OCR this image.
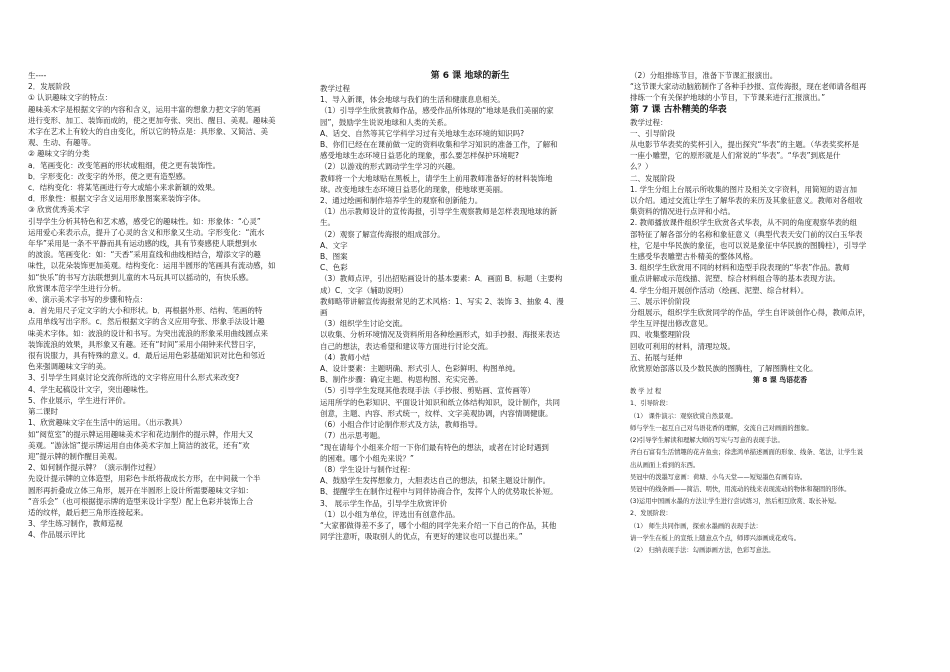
生----

2．发展阶段

① 认识趣味文字的特点：

趣味美术字是根据文字的内容和含义，运用丰富的想象力把文字的笔画

进行变形、加工、装饰而成的，使之更加夸张、突出、醒目、美观。趣味美

术字在艺术上有较大的自由变化，所以它的特点是：具形象、又简洁、美

观、生动、有趣等。

② 趣味文字的分类

a．笔画变化：改变笔画的形状或粗细，使之更有装饰性。

b．字形变化：改变字的外形，使之更有造型感。

c．结构变化：将某笔画进行夸大或缩小来求新颖的效果。

d．形象性：根据文字含义运用形象图案来装饰字体。

③ 欣赏优秀美术字

引导学生分析其特色和艺术感，感受它的趣味性。如：形象体：“心灵”

运用爱心来表示点，提升了心灵的含义和形象又生动。字形变化：“流水

年华”采用是一条不平静而具有运动感的线，具有节奏感使人联想到水

的波浪。笔画变化：如：“天香”采用直线和曲线相结合，增添文字的趣

味性，以花朵装饰更加美观。结构变化：运用半圆形的笔画具有流动感，如

如“快乐”的书写方法联想到儿童的木马玩具可以摇动的，有快乐感。

欣赏课本范字学生进行分析。

④、演示美术字书写的步骤和特点：

a．首先用尺子定文字的大小和形状。b．再根据外形、结构、笔画的特

点用单线写出字形。c．然后根据文字的含义应用夸张、形象手法设计趣

味美术字体。如：波浪的设计和书写。为突出流浪的形象采用曲线圆点来

装饰流浪的效果，具形象又有趣。还有“时间”采用小闹钟来代替日字，

很有说服力，具有特殊的意义。d．最后运用色彩基础知识对比色和邻近

色来强调趣味文字的美。

3、引导学生同桌讨论交流你所选的文字将应用什么形式来改变?

4、学生起稿设计文字，突出趣味性。

5、作业展示，学生进行评价。

第二课时

1、欣赏趣味文字在生活中的运用。（出示教具）

如“阅览室”的提示牌运用趣味美术字和花边制作的提示牌，作用大又

美观。“游泳馆”提示牌运用自由体美术字加上简洁的波花，还有“欢

迎”提示牌的制作醒目美观。

2、如何制作提示牌？（演示制作过程）

先设计提示牌的立体造型，用彩色卡纸将裁成长方形，在中间裁一个半

圆形再折叠成立体三角形，展开在半圆形上设计所需要趣味文字如：

“音乐会”（也可根据提示牌的造型来设计字型）配上色彩并装饰上合

适的纹样，最后把三角形连接起来。

3、学生练习制作，教师巡视

4、作品展示评比

第 6 课 地球的新生

教学过程

1、导入新课，体会地球与我们的生活和健康息息相关。

（1）引导学生欣赏教师作品，感受作品所体现的“地球是我们美丽的家

园”，鼓励学生说说地球和人类的关系。

A、话交、自然等其它学科学习过有关地球生态环境的知识吗?

B、你们已经在在课前做一定的资料收集和学习知识的准备工作，了解和

感受地球生态环境日益恶化的现象，那么要怎样保护环境呢?

（2）以游戏的形式调动学生学习的兴趣。

教师将一个大地球贴在黑板上，请学生上前用教师准备好的材料装饰地

球。改变地球生态环境日益恶化的现象，使地球更美丽。

2、通过绘画和制作培养学生的观察和创新能力。

（1）出示教师设计的宣传海报，引导学生观察教师是怎样表现地球的新

生。

（2）观察了解宣传海报的组成部分。

A、文字

B、图案

C、色彩

（3）教师点评，引出招贴画设计的基本要素：A．画面 B．标题（主要构

成）C．文字（辅助说明）

教师略带讲解宣传海报常见的艺术风格：1、写实 2、装饰 3、抽象 4、漫

画

（3）组织学生讨论交流。

以收集、分析环境情况及资料所用各种绘画形式，如手抄报、海报来表达

自己的想法，表达希望和建议等方面进行讨论交流。

（4）教师小结

A、设计要素：主题明确、形式引人、色彩鲜明、构图单纯。

B、制作步骤：确定主题、构思构图、充实完善。

（5）引导学生发现其他表现手法（手抄报、剪贴画、宣传画等）

运用所学的色彩知识、平面设计知识和纸立体结构知识，设计制作，共同

创意，主题、内容、形式统一，纹样、文字美观协调，内容情调健康。

（6）小组合作讨论制作形式及方法，教师指导。

（7）出示思考题。

“现在请每个小组来介绍一下你们最有特色的想法，或者在讨论时遇到

的困难。哪个小组先来说？”

（8）学生设计与制作过程：

A、鼓励学生发挥想象力，大胆表达自己的想法，扣紧主题设计制作。

B、提醒学生在制作过程中与同伴协商合作，发挥个人的优势取长补短。

3、 展示学生作品，引导学生欣赏评价

（1）以小组为单位，评选出有创意作品。

“大家都做得差不多了，哪个小组的同学先来介绍一下自己的作品，其他

同学注意听，吸取别人的优点，有更好的建议也可以提出来。”

（2）分组排练节目，准备下节课汇报演出。

“这节课大家动动脑筋制作了各种手抄报、宣传海报，现在老师请各组再

排练一个有关保护地球的小节目，下节课来进行汇报演出。”

第 7 课 古朴精美的华表

教学过程：

一、引导阶段

从电影节华表奖的奖杯引入，提出探究“华表”的主题。（华表奖奖杯是

一座小雕塑，它的原形就是人们常说的“华表”。“华表”到底是什

么？）

二、发展阶段

1. 学生分组上台展示所收集的图片及相关文字资料，用简短的语言加

以介绍。通过交流让学生了解华表的来历及其象征意义。教师对各组收

集资料的情况进行点评和小结。

2. 教师播放课件组织学生欣赏各式华表，从不同的角度观察华表的组

部特征了解各部分的名称和象征意义（典型代表天安门前的汉白玉华表

柱，它是中华民族的象征，也可以说是象征中华民族的图腾柱），引导学

生感受华表雕塑古朴精美的整体风格。

3. 组织学生欣赏用不同的材料和造型手段表现的“华表”作品。教师

重点讲解或示范线描、泥塑、综合材料组合等的基本表现方法。

4. 学生分组开展创作活动（绘画、泥塑、综合材料）。

三、展示评价阶段

分组展示，组织学生欣赏同学的作品，学生自评谈创作心得，教师点评，

学生互评提出修改意见。

四、收集整理阶段

回收可利用的材料，清理垃圾。

五、拓展与延伸

欣赏原始部落以及少数民族的图腾柱，了解图腾柱文化。

第 8 课 鸟语花香

教 学 过 程

1、引导阶段：

（1） 课件演示：观察欣赏自然景观。

师与学生一起互自己对鸟语花香的理解，交流自己对画面的想象。

(2)引导学生解读和理解大师的写实与写意的表现手法。

齐白石富有生活情趣的花卉鱼虫；徐悲鸿单描述画面的形象、线条、笔法，让学生说

出从画面上看到的东西。

吴冠中的泼墨写意画：荷塘、小鸟天堂——短短墨色有画有诗。

吴冠中的线条画——简洁、明快，用流动的线来表现流动的物体和凝固的形体。

(3)运用中国画水墨的方法让学生进行尝试练习，然后相互欣赏、取长补短。

2、发展阶段：

（1） 师生共同作画，探索水墨画的表现手法：

请一学生在板上的宣纸上随意点个点，师即兴添画成花或鸟。

（2） 归纳表现手法：勾画添画方法，色彩写意法。
